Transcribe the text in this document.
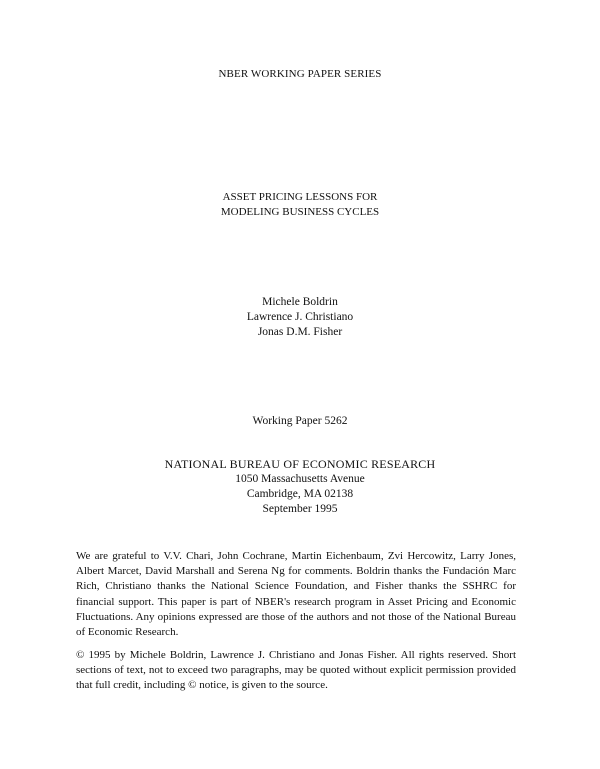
NBER WORKING PAPER SERIES
ASSET PRICING LESSONS FOR
MODELING BUSINESS CYCLES
Michele Boldrin
Lawrence J. Christiano
Jonas D.M. Fisher
Working Paper 5262
NATIONAL BUREAU OF ECONOMIC RESEARCH
1050 Massachusetts Avenue
Cambridge, MA 02138
September 1995

We are grateful to V.V. Chari, John Cochrane, Martin Eichenbaum, Zvi Hercowitz, Larry Jones, Albert Marcet, David Marshall and Serena Ng for comments. Boldrin thanks the Fundación Marc Rich, Christiano thanks the National Science Foundation, and Fisher thanks the SSHRC for financial support. This paper is part of NBER's research program in Asset Pricing and Economic Fluctuations. Any opinions expressed are those of the authors and not those of the National Bureau of Economic Research.

© 1995 by Michele Boldrin, Lawrence J. Christiano and Jonas Fisher. All rights reserved. Short sections of text, not to exceed two paragraphs, may be quoted without explicit permission provided that full credit, including © notice, is given to the source.
